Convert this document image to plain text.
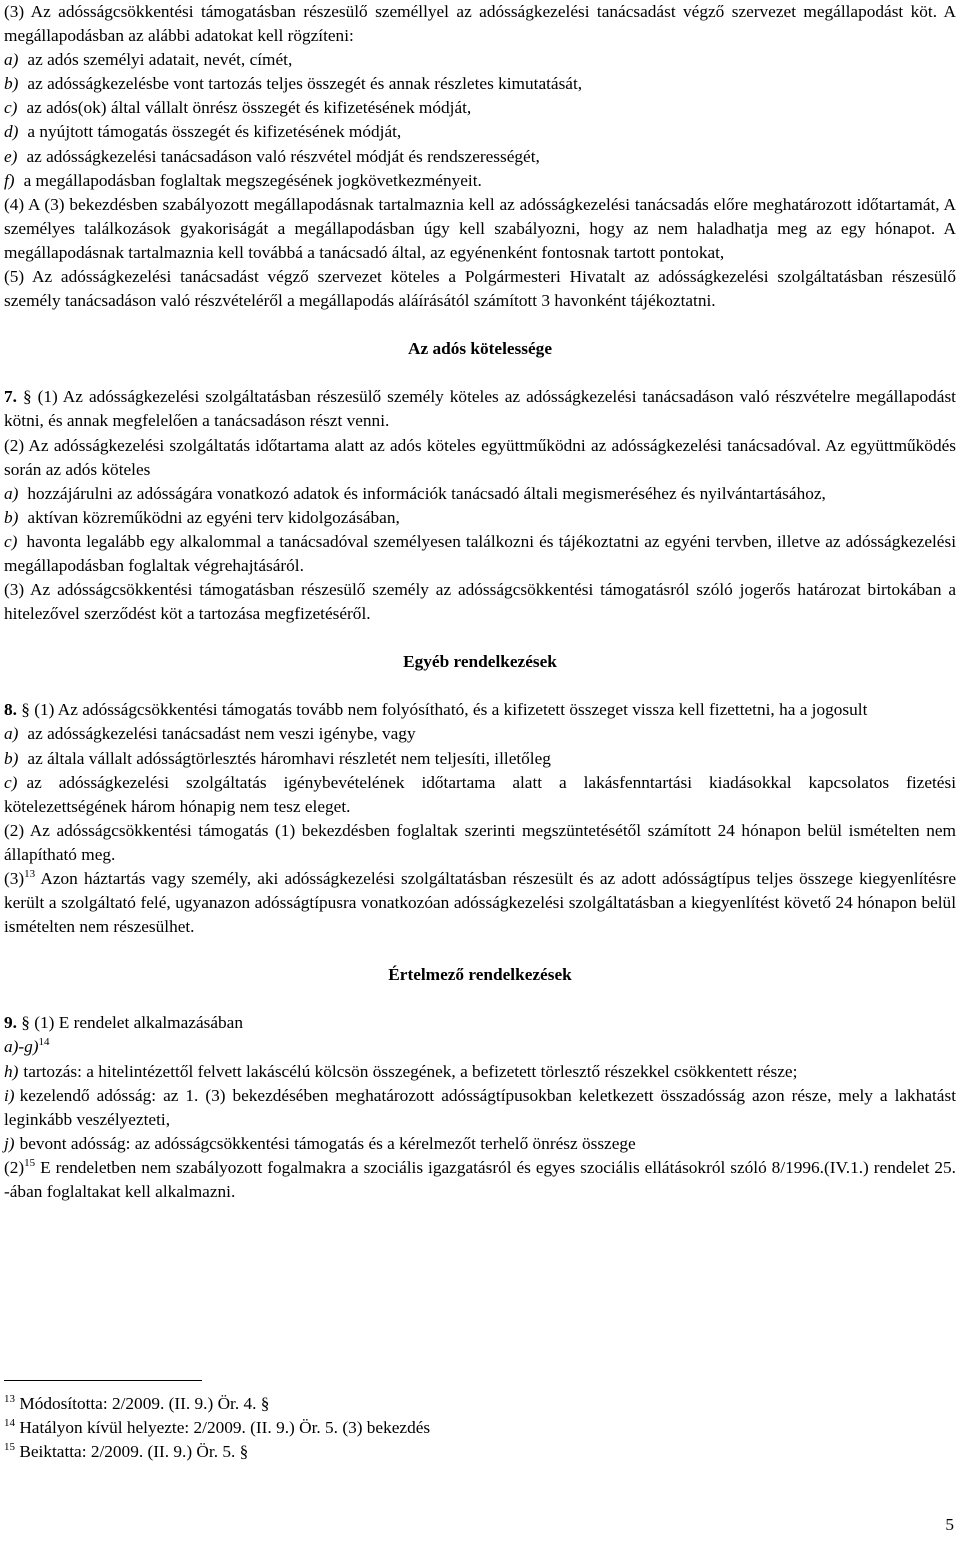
(3) Az adósságcsökkentési támogatásban részesülő személlyel az adósságkezelési tanácsadást végző szervezet megállapodást köt. A megállapodásban az alábbi adatokat kell rögzíteni:

a) az adós személyi adatait, nevét, címét,

b) az adósságkezelésbe vont tartozás teljes összegét és annak részletes kimutatását,

c) az adós(ok) által vállalt önrész összegét és kifizetésének módját,

d) a nyújtott támogatás összegét és kifizetésének módját,

e) az adósságkezelési tanácsadáson való részvétel módját és rendszerességét,

f) a megállapodásban foglaltak megszegésének jogkövetkezményeit.

(4) A (3) bekezdésben szabályozott megállapodásnak tartalmaznia kell az adósságkezelési tanácsadás előre meghatározott időtartamát, A személyes találkozások gyakoriságát a megállapodásban úgy kell szabályozni, hogy az nem haladhatja meg az egy hónapot. A megállapodásnak tartalmaznia kell továbbá a tanácsadó által, az egyénenként fontosnak tartott pontokat,

(5) Az adósságkezelési tanácsadást végző szervezet köteles a Polgármesteri Hivatalt az adósságkezelési szolgáltatásban részesülő személy tanácsadáson való részvételéről a megállapodás aláírásától számított 3 havonként tájékoztatni.

Az adós kötelessége

7. § (1) Az adósságkezelési szolgáltatásban részesülő személy köteles az adósságkezelési tanácsadáson való részvételre megállapodást kötni, és annak megfelelően a tanácsadáson részt venni.

(2) Az adósságkezelési szolgáltatás időtartama alatt az adós köteles együttműködni az adósságkezelési tanácsadóval. Az együttműködés során az adós köteles

a) hozzájárulni az adósságára vonatkozó adatok és információk tanácsadó általi megismeréséhez és nyilvántartásához,

b) aktívan közreműködni az egyéni terv kidolgozásában,

c) havonta legalább egy alkalommal a tanácsadóval személyesen találkozni és tájékoztatni az egyéni tervben, illetve az adósságkezelési megállapodásban foglaltak végrehajtásáról.

(3) Az adósságcsökkentési támogatásban részesülő személy az adósságcsökkentési támogatásról szóló jogerős határozat birtokában a hitelezővel szerződést köt a tartozása megfizetéséről.

Egyéb rendelkezések

8. § (1) Az adósságcsökkentési támogatás tovább nem folyósítható, és a kifizetett összeget vissza kell fizettetni, ha a jogosult

a) az adósságkezelési tanácsadást nem veszi igénybe, vagy

b) az általa vállalt adósságtörlesztés háromhavi részletét nem teljesíti, illetőleg

c) az adósságkezelési szolgáltatás igénybevételének időtartama alatt a lakásfenntartási kiadásokkal kapcsolatos fizetési kötelezettségének három hónapig nem tesz eleget.

(2) Az adósságcsökkentési támogatás (1) bekezdésben foglaltak szerinti megszüntetésétől számított 24 hónapon belül ismételten nem állapítható meg.

$(3)^{13}$ Azon háztartás vagy személy, aki adósságkezelési szolgáltatásban részesült és az adott adósságtípus teljes összege kiegyenlítésre került a szolgáltató felé, ugyanazon adósságtípusra vonatkozóan adósságkezelési szolgáltatásban a kiegyenlítést követő 24 hónapon belül ismételten nem részesülhet.

Értelmező rendelkezések

9. § (1) E rendelet alkalmazásában

a)-g)$^{14}$

h) tartozás: a hitelintézettől felvett lakáscélú kölcsön összegének, a befizetett törlesztő részekkel csökkentett része;

i) kezelendő adósság: az 1. (3) bekezdésében meghatározott adósságtípusokban keletkezett összadósság azon része, mely a lakhatást leginkább veszélyezteti,

j) bevont adósság: az adósságcsökkentési támogatás és a kérelmezőt terhelő önrész összege

$(2)^{15}$ E rendeletben nem szabályozott fogalmakra a szociális igazgatásról és egyes szociális ellátásokról szóló 8/1996.(IV.1.) rendelet 25. -ában foglaltakat kell alkalmazni.

$^{13}$ Módosította: 2/2009. (II. 9.) Ör. 4. §

$^{14}$ Hatályon kívül helyezte: 2/2009. (II. 9.) Ör. 5. (3) bekezdés

$^{15}$ Beiktatta: 2/2009. (II. 9.) Ör. 5. §

5
